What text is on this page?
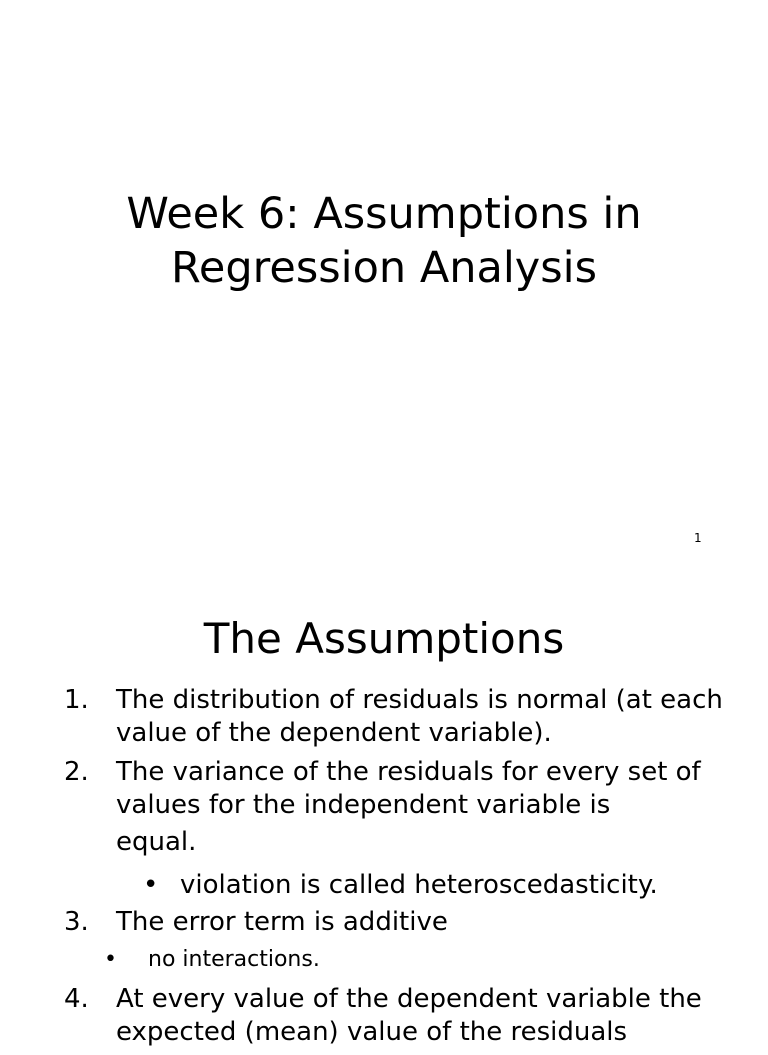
Week 6: Assumptions in
Regression Analysis
1
The Assumptions
1. The distribution of residuals is normal (at each value of the dependent variable).
2. The variance of the residuals for every set of values for the independent variable is
equal.
• violation is called heteroscedasticity.
3. The error term is additive
• no interactions.
4. At every value of the dependent variable the expected (mean) value of the residuals
